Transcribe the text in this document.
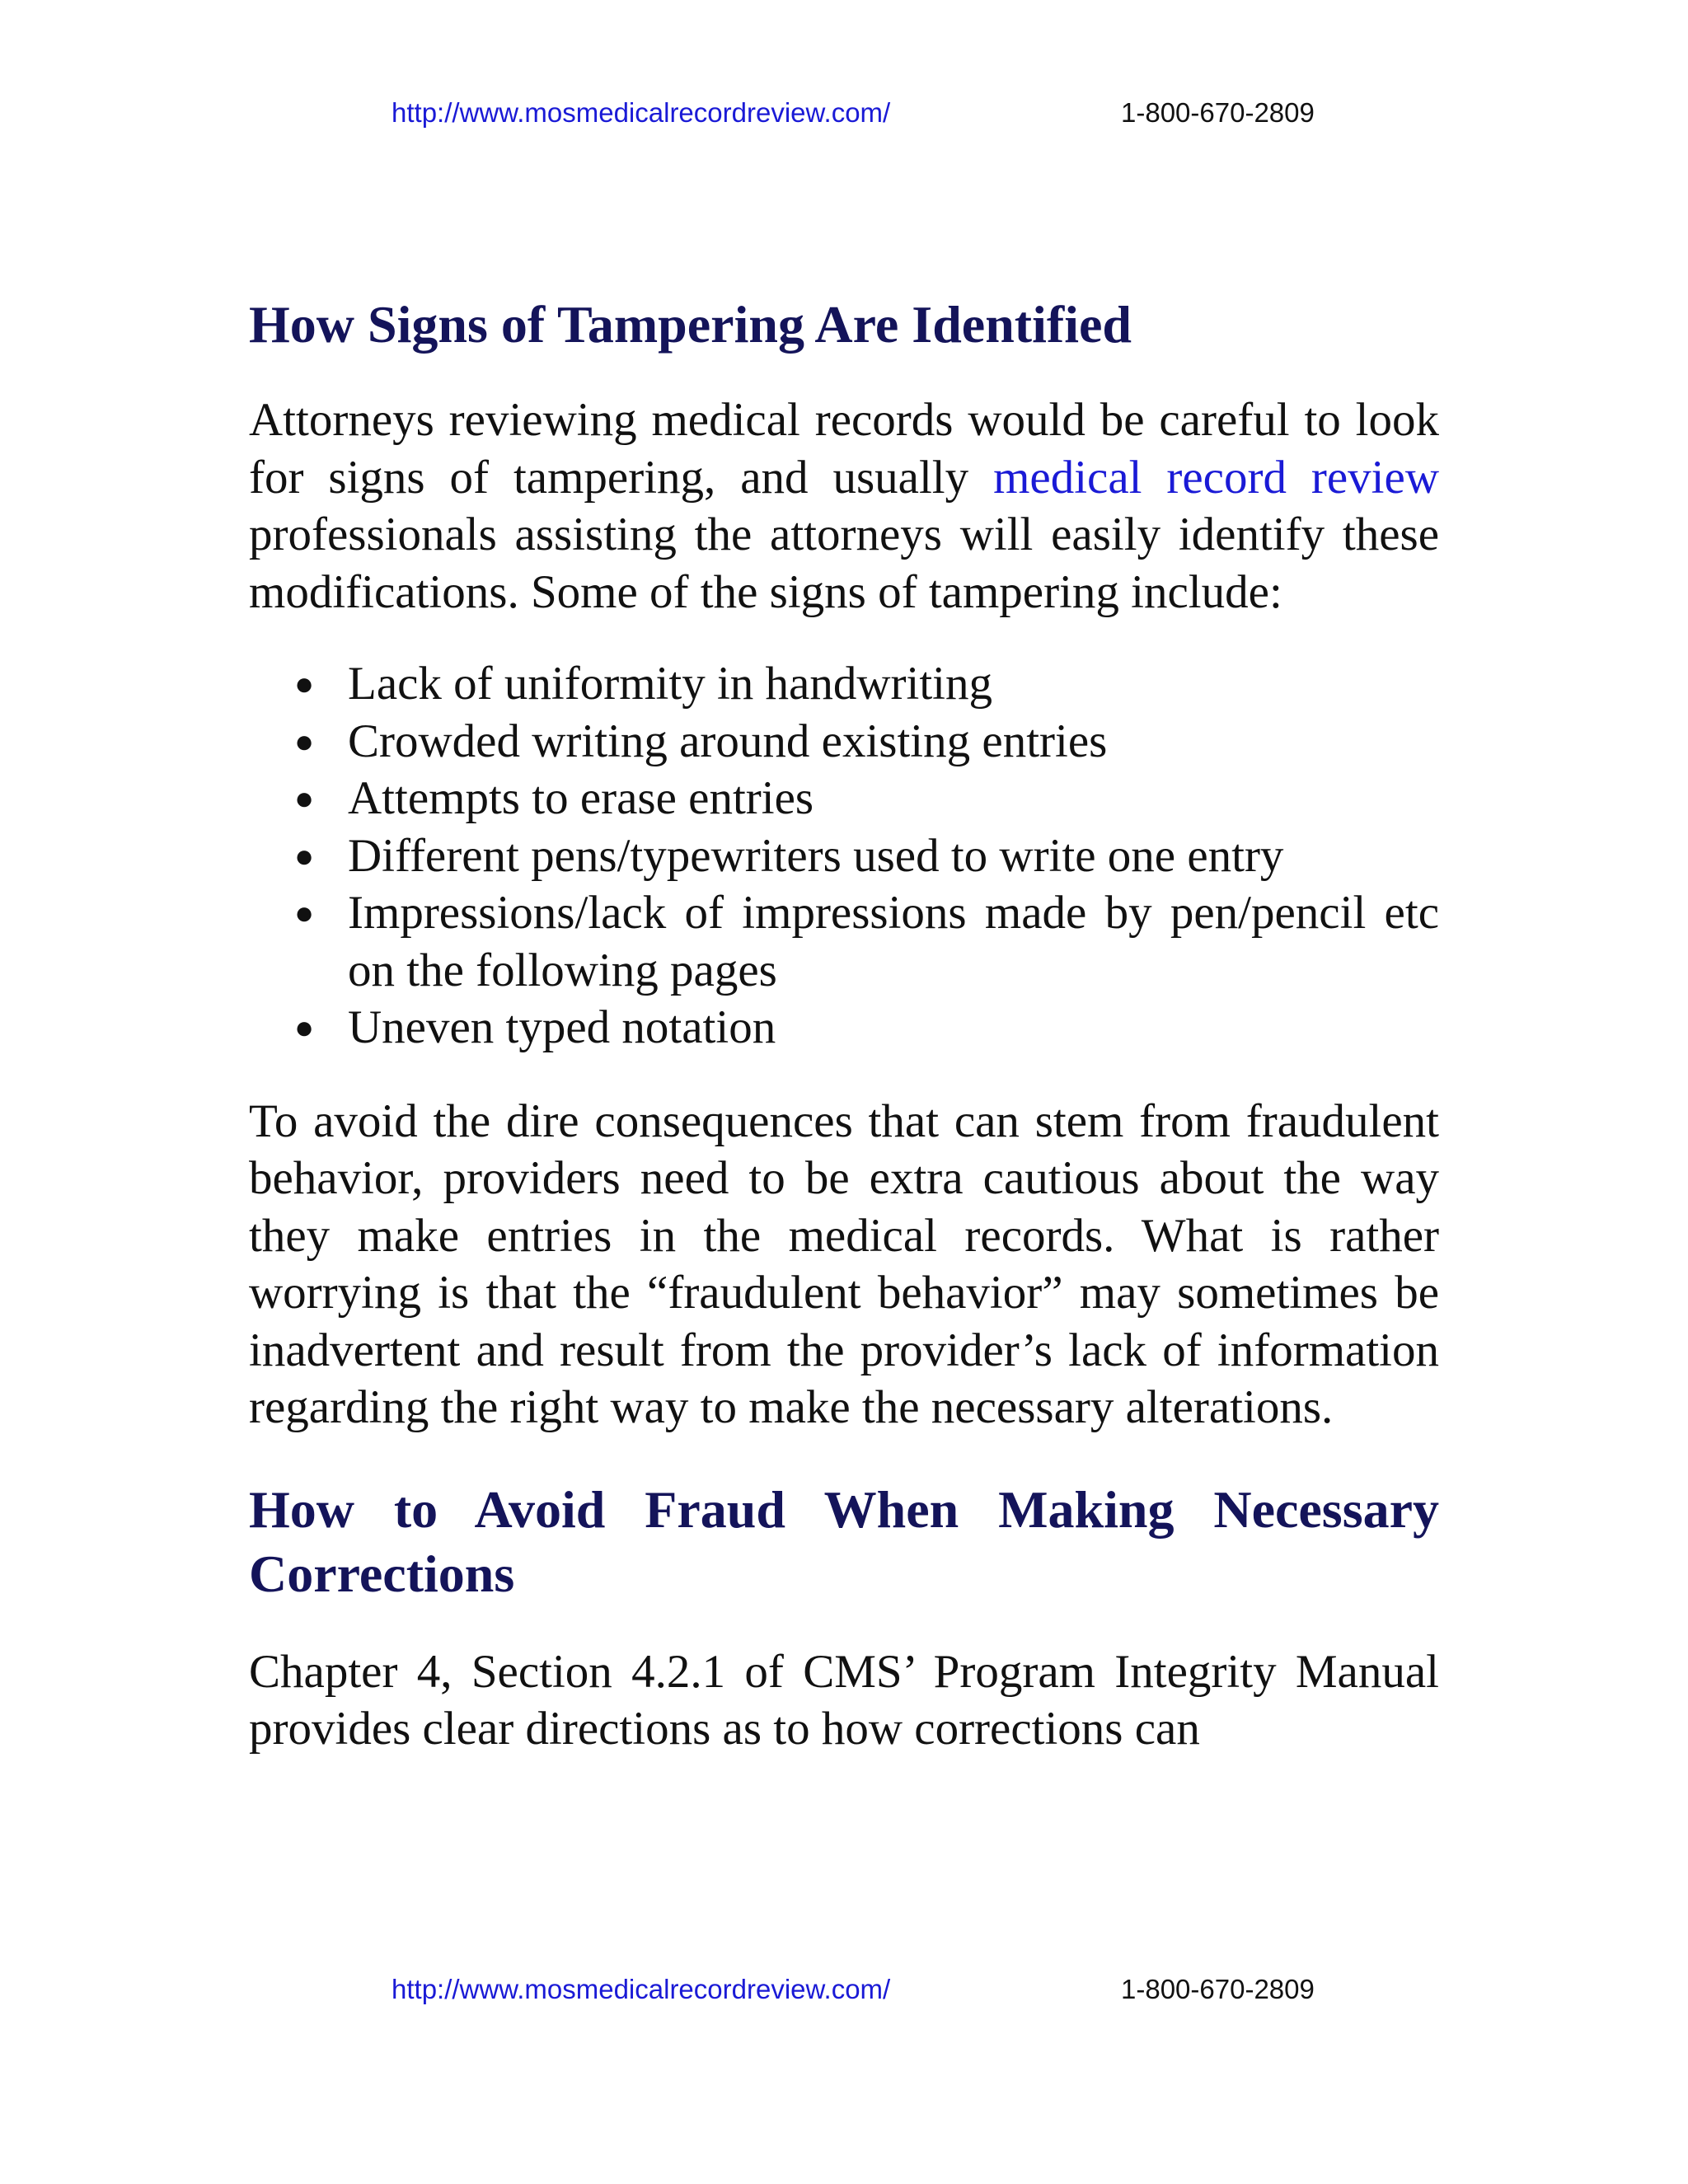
http://www.mosmedicalrecordreview.com/	1-800-670-2809
How Signs of Tampering Are Identified

Attorneys reviewing medical records would be careful to look for signs of tampering, and usually medical record review professionals assisting the attorneys will easily identify these modifications. Some of the signs of tampering include:

● Lack of uniformity in handwriting
● Crowded writing around existing entries
● Attempts to erase entries
● Different pens/typewriters used to write one entry
● Impressions/lack of impressions made by pen/pencil etc on the following pages
● Uneven typed notation

To avoid the dire consequences that can stem from fraudulent behavior, providers need to be extra cautious about the way they make entries in the medical records. What is rather worrying is that the “fraudulent behavior” may sometimes be inadvertent and result from the provider’s lack of information regarding the right way to make the necessary alterations.

How to Avoid Fraud When Making Necessary Corrections

Chapter 4, Section 4.2.1 of CMS’ Program Integrity Manual provides clear directions as to how corrections can

http://www.mosmedicalrecordreview.com/	1-800-670-2809
